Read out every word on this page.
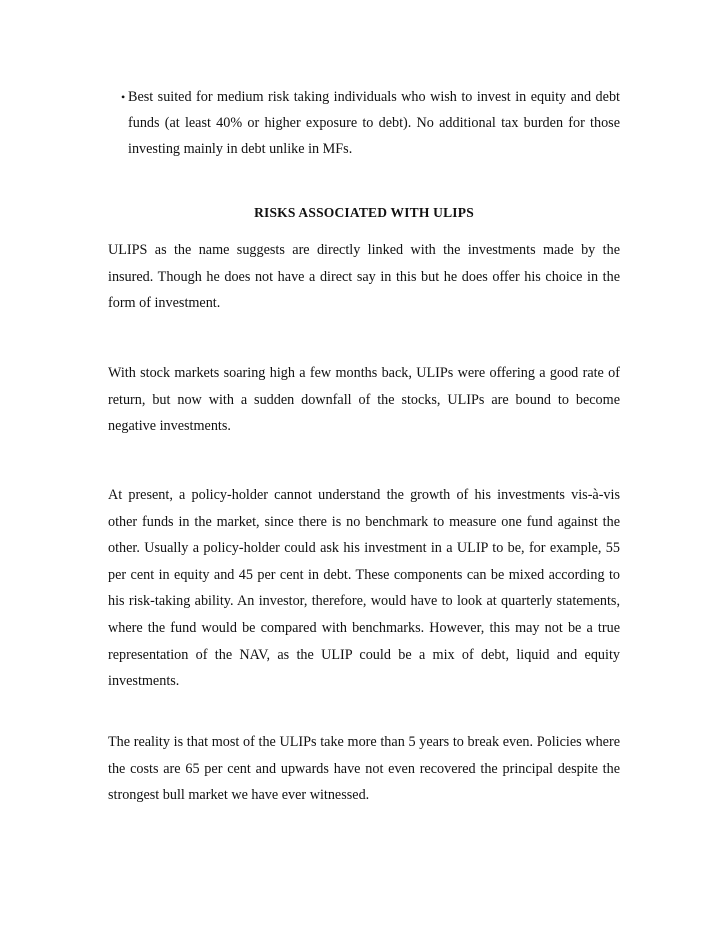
• Best suited for medium risk taking individuals who wish to invest in equity and debt
funds (at least 40% or higher exposure to debt). No additional tax burden for those
investing mainly in debt unlike in MFs.
RISKS ASSOCIATED WITH ULIPS
ULIPS as the name suggests are directly linked with the investments made by the
insured. Though he does not have a direct say in this but he does offer his choice in the
form of investment.
With stock markets soaring high a few months back, ULIPs were offering a good rate of
return, but now with a sudden downfall of the stocks, ULIPs are bound to become
negative investments.
At present, a policy-holder cannot understand the growth of his investments vis-à-vis
other funds in the market, since there is no benchmark to measure one fund against the
other. Usually a policy-holder could ask his investment in a ULIP to be, for example, 55
per cent in equity and 45 per cent in debt. These components can be mixed according to
his risk-taking ability. An investor, therefore, would have to look at quarterly statements,
where the fund would be compared with benchmarks. However, this may not be a true
representation of the NAV, as the ULIP could be a mix of debt, liquid and equity
investments.
The reality is that most of the ULIPs take more than 5 years to break even. Policies where
the costs are 65 per cent and upwards have not even recovered the principal despite the
strongest bull market we have ever witnessed.
